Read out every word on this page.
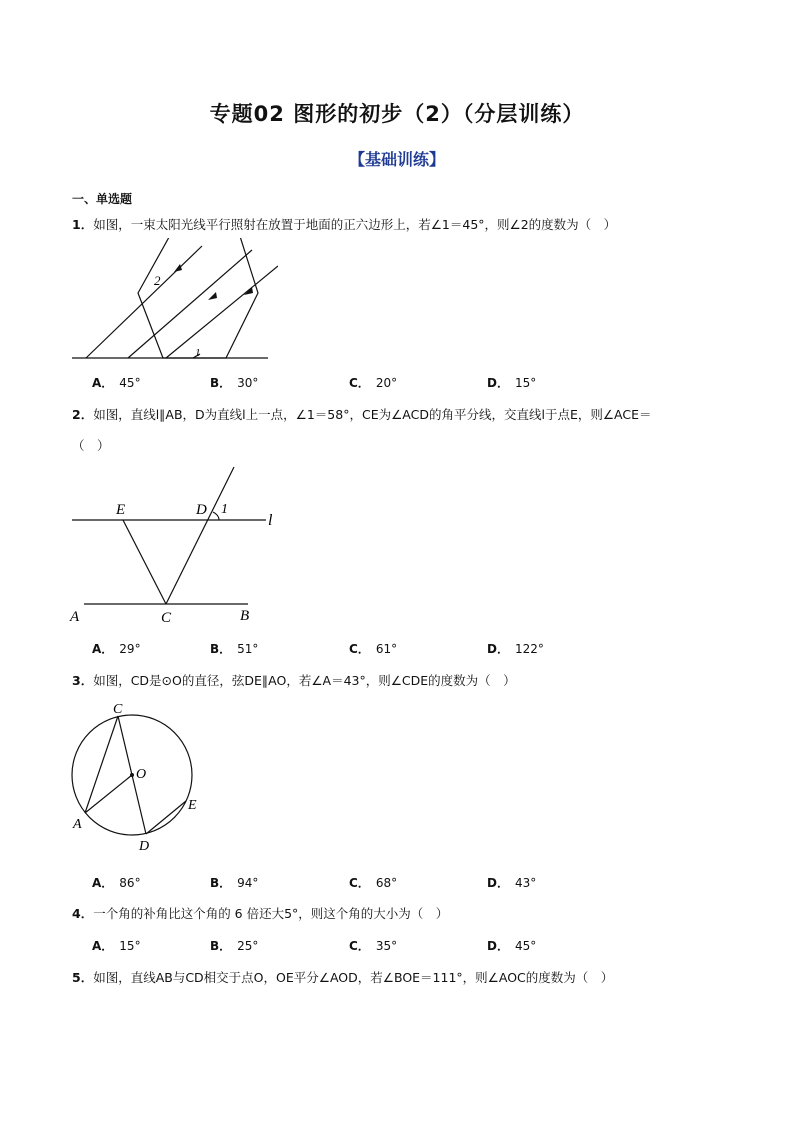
专题02 图形的初步（2）（分层训练）
【基础训练】
一、单选题
1．如图，一束太阳光线平行照射在放置于地面的正六边形上，若∠1＝45°，则∠2的度数为（　）
2
1
A． 45°	B． 30°	C． 20°	D． 15°
2．如图，直线l∥AB，D为直线l上一点，∠1＝58°，CE为∠ACD的角平分线，交直线l于点E，则∠ACE＝
（　）
E	D 1
l
A	C	B
A． 29°	B． 51°	C． 61°	D． 122°
3．如图，CD是⊙O的直径，弦DE∥AO，若∠A＝43°，则∠CDE的度数为（　）
C
O
E
A
D
A． 86°	B． 94°	C． 68°	D． 43°
4．一个角的补角比这个角的 6 倍还大5°，则这个角的大小为（　）
A． 15°	B． 25°	C． 35°	D． 45°
5．如图，直线AB与CD相交于点O，OE平分∠AOD，若∠BOE＝111°，则∠AOC的度数为（　）
